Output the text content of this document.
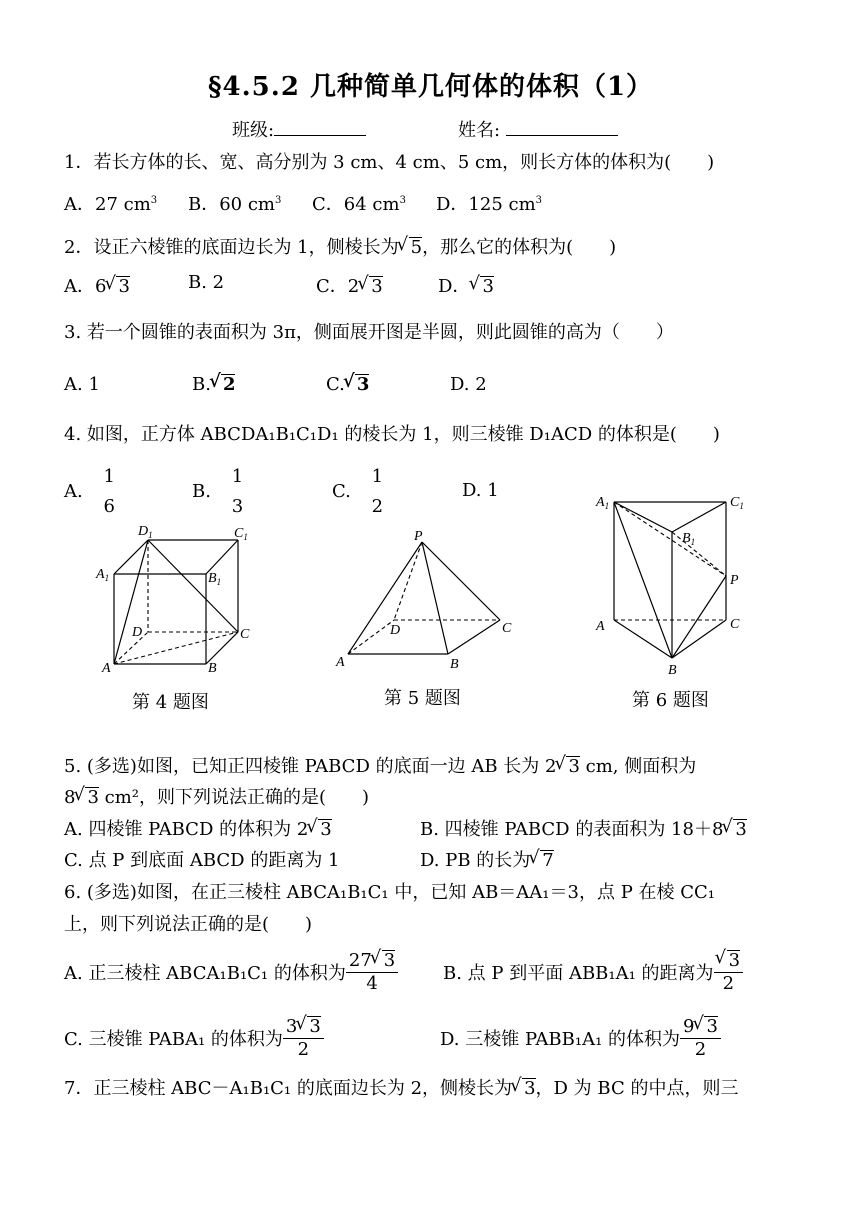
§4.5.2 几种简单几何体的体积（1）
班级:	姓名:
1．若长方体的长、宽、高分别为 3 cm、4 cm、5 cm，则长方体的体积为(　　)
A．27 $cm^3$ B．60 $cm^3$ C．64 $cm^3$ D．125 $cm^3$
2．设正六棱锥的底面边长为 1，侧棱长为 √ 5，那么它的体积为(　　)
A．6 √ 3	B. 2	C．2 √ 3	D． √ 3
3. 若一个圆锥的表面积为 3π，侧面展开图是半圆，则此圆锥的高为（　　）
A. 1	B. √ 2	C. √ 3	D. 2
4. 如图，正方体 ABCDA₁B₁C₁D₁ 的棱长为 1，则三棱锥 D₁ACD 的体积是(　　)
A.
1
6
B.
1
3
C.
1
2
D. 1
$D_1$	$C_1$
$A_1$	$B_1$
D	C
A	B
第 4 题图
P
D	C
A	B
第 5 题图
$A_1$	$C_1$
$B_1$
P
A	C
B
第 6 题图
5. (多选)如图，已知正四棱锥 PABCD 的底面一边 AB 长为 2 √ 3 cm, 侧面积为
8 √ 3 cm²，则下列说法正确的是(　　)
A. 四棱锥 PABCD 的体积为 2 √ 3	B. 四棱锥 PABCD 的表面积为 18＋8 √ 3
C. 点 P 到底面 ABCD 的距离为 1	D. PB 的长为 √ 7
6. (多选)如图，在正三棱柱 ABCA₁B₁C₁ 中，已知 AB＝AA₁＝3，点 P 在棱 CC₁
上，则下列说法正确的是(　　)
A. 正三棱柱 ABCA₁B₁C₁ 的体积为 $\frac{27 √ 3}{4} B$. 点 P 到平面 ABB₁A₁ 的距离为 √ $\frac{3}{2}$
C. 三棱锥 PABA₁ 的体积为 $\frac{3 √ 3}{2}$	D. 三棱锥 PABB₁A₁ 的体积为 $\frac{9 √ 3}{2}$
7．正三棱柱 ABC－A₁B₁C₁ 的底面边长为 2，侧棱长为 √ 3，D 为 BC 的中点，则三
